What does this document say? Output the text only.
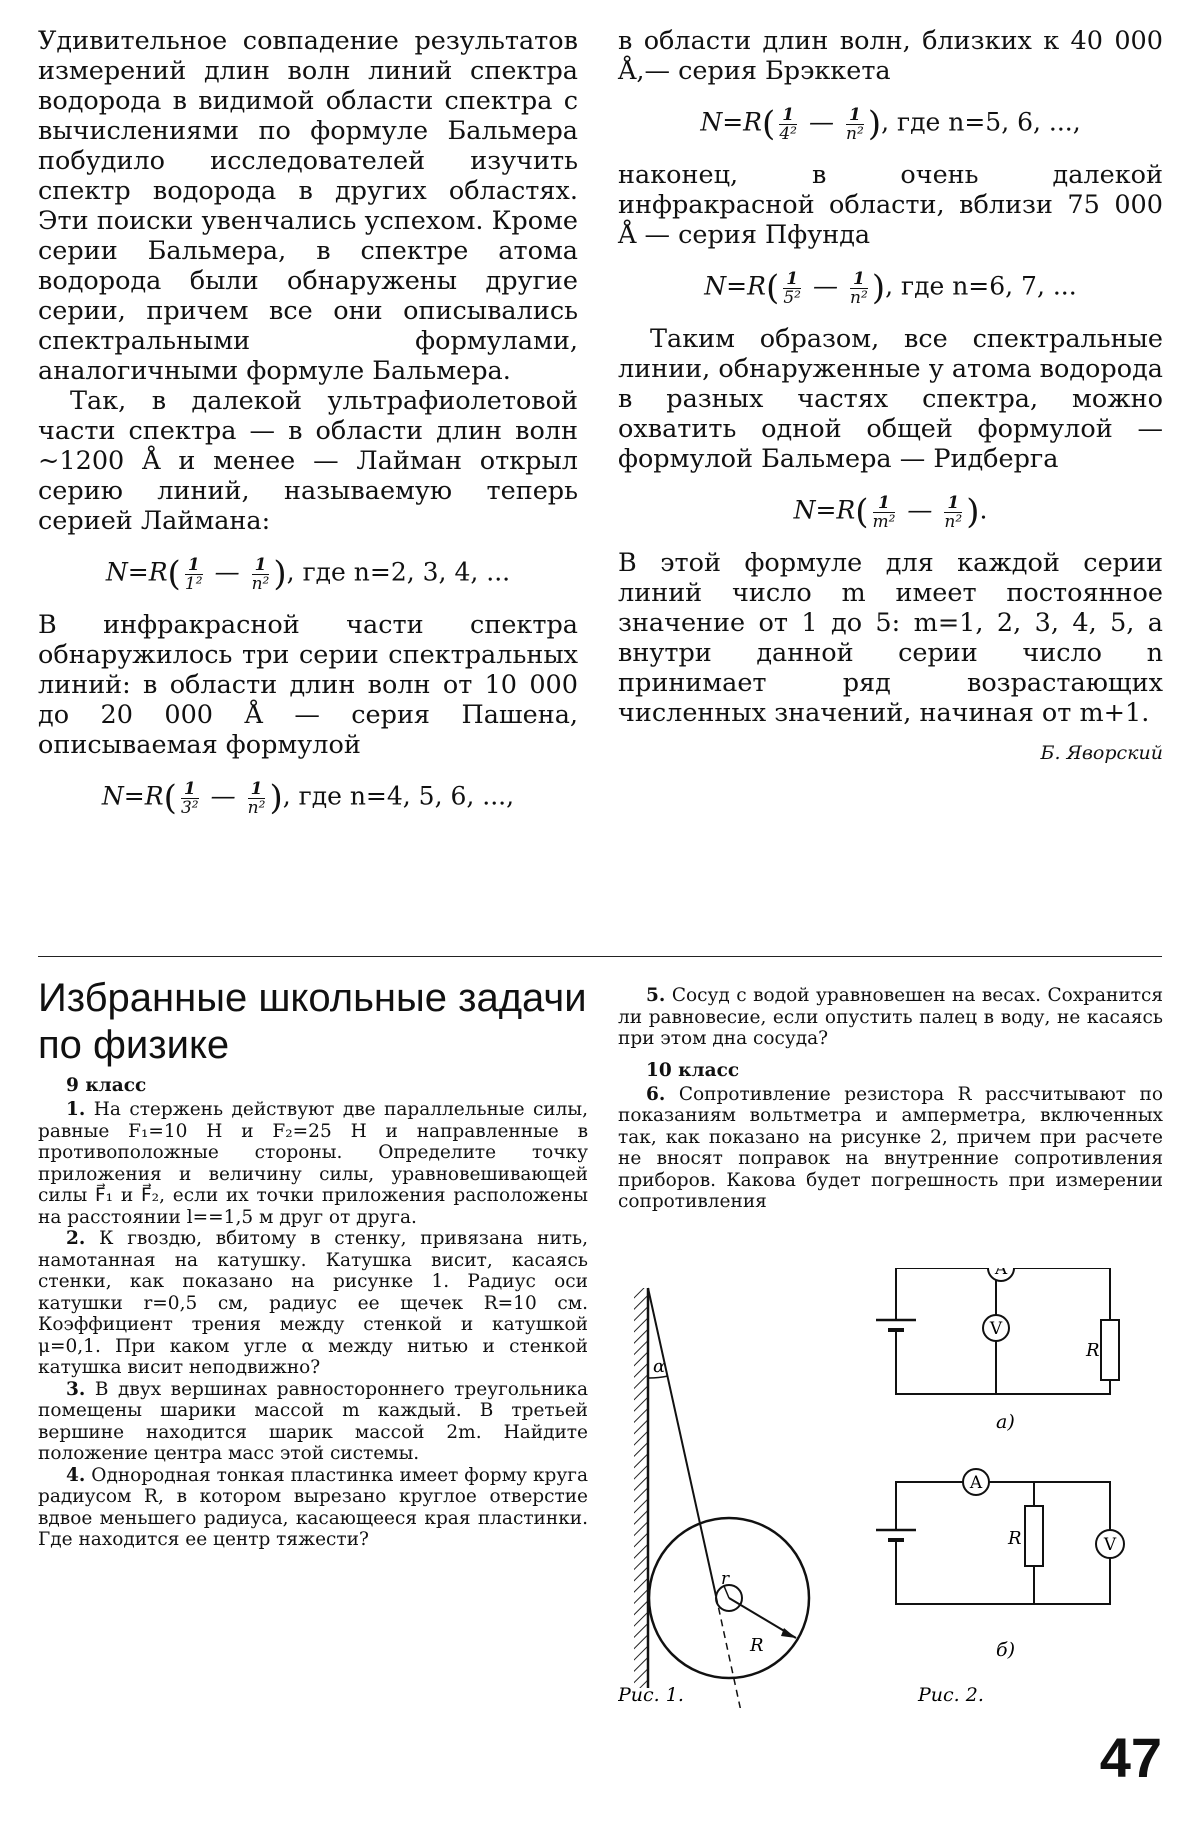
Удивительное совпадение результатов измерений длин волн линий спектра водорода в видимой области спектра с вычислениями по формуле Бальмера побудило исследователей изучить спектр водорода в других областях. Эти поиски увенчались успехом. Кроме серии Бальмера, в спектре атома водорода были обнаружены другие серии, причем все они описывались спектральными формулами, аналогичными формуле Бальмера.

Так, в далекой ультрафиолетовой части спектра — в области длин волн ~1200 Å и менее — Лайман открыл серию линий, называемую теперь серией Лаймана:

$N=R( \frac{1}{\text{1²}}$ — $\frac{1}{\text{n²}}$ ), где n=2, 3, 4, ...

В инфракрасной части спектра обнаружилось три серии спектральных линий: в области длин волн от 10 000 до 20 000 Å — серия Пашена, описываемая формулой

$N=R( \frac{1}{\text{3²}}$ — $\frac{1}{\text{n²}}$ ), где n=4, 5, 6, ...,

в области длин волн, близких к 40 000 Å,— серия Брэккета

$N=R( \frac{1}{\text{4²}}$ — $\frac{1}{\text{n²}}$ ), где n=5, 6, ...,

наконец, в очень далекой инфракрасной области, вблизи 75 000 Å — серия Пфунда

$N=R( \frac{1}{\text{5²}}$ — $\frac{1}{\text{n²}}$ ), где n=6, 7, ...

Таким образом, все спектральные линии, обнаруженные у атома водорода в разных частях спектра, можно охватить одной общей формулой — формулой Бальмера — Ридберга

$N=R( \frac{1}{\text{m²}}$ — $\frac{1}{\text{n²}}$ ).

В этой формуле для каждой серии линий число m имеет постоянное значение от 1 до 5: m=1, 2, 3, 4, 5, а внутри данной серии число n принимает ряд возрастающих численных значений, начиная от m+1.

Б. Яворский
Избранные школьные задачи по физике
9 класс

1. На стержень действуют две параллельные силы, равные F₁=10 Н и F₂=25 Н и направленные в противоположные стороны. Определите точку приложения и величину силы, уравновешивающей силы F⃗₁ и F⃗₂, если их точки приложения расположены на расстоянии l==1,5 м друг от друга.

2. К гвоздю, вбитому в стенку, привязана нить, намотанная на катушку. Катушка висит, касаясь стенки, как показано на рисунке 1. Радиус оси катушки r=0,5 см, радиус ее щечек R=10 см. Коэффициент трения между стенкой и катушкой μ=0,1. При каком угле α между нитью и стенкой катушка висит неподвижно?

3. В двух вершинах равностороннего треугольника помещены шарики массой m каждый. В третьей вершине находится шарик массой 2m. Найдите положение центра масс этой системы.

4. Однородная тонкая пластинка имеет форму круга радиусом R, в котором вырезано круглое отверстие вдвое меньшего радиуса, касающееся края пластинки. Где находится ее центр тяжести?

5. Сосуд с водой уравновешен на весах. Сохранится ли равновесие, если опустить палец в воду, не касаясь при этом дна сосуда?

10 класс

6. Сопротивление резистора R рассчитывают по показаниям вольтметра и амперметра, включенных так, как показано на рисунке 2, причем при расчете не вносят поправок на внутренние сопротивления приборов. Какова будет погрешность при измерении сопротивления

α
r
R
Рис. 1.
V
A
R
а)
A
R	V
б)
Рис. 2.
47
